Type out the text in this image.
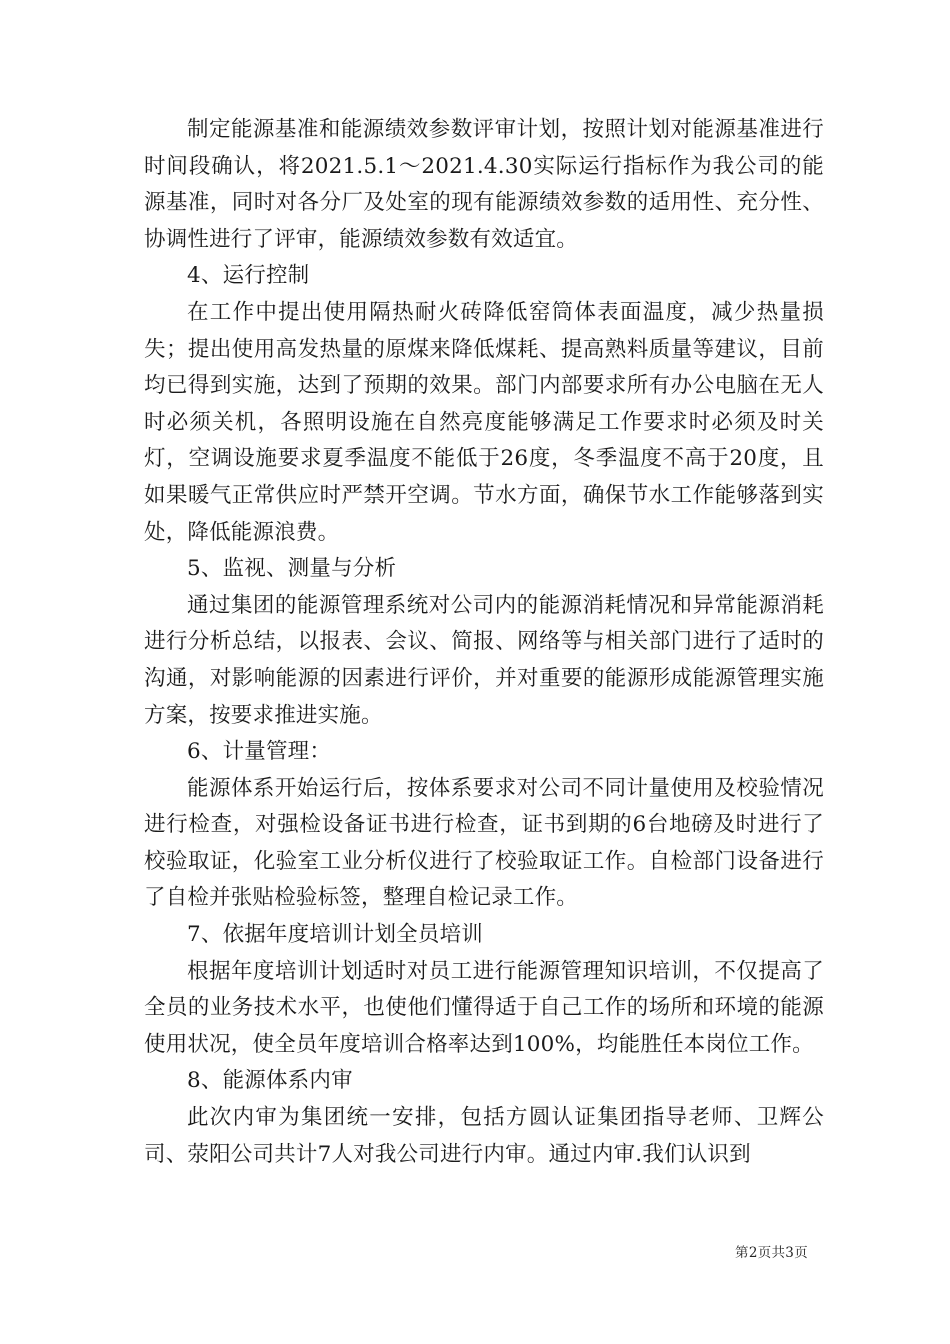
制定能源基准和能源绩效参数评审计划，按照计划对能源基准进行时间段确认，将2021.5.1～2021.4.30实际运行指标作为我公司的能源基准，同时对各分厂及处室的现有能源绩效参数的适用性、充分性、协调性进行了评审，能源绩效参数有效适宜。

4、运行控制

在工作中提出使用隔热耐火砖降低窑筒体表面温度，减少热量损失；提出使用高发热量的原煤来降低煤耗、提高熟料质量等建议，目前均已得到实施，达到了预期的效果。部门内部要求所有办公电脑在无人时必须关机，各照明设施在自然亮度能够满足工作要求时必须及时关灯，空调设施要求夏季温度不能低于26度，冬季温度不高于20度，且如果暖气正常供应时严禁开空调。节水方面，确保节水工作能够落到实处，降低能源浪费。

5、监视、测量与分析

通过集团的能源管理系统对公司内的能源消耗情况和异常能源消耗进行分析总结，以报表、会议、简报、网络等与相关部门进行了适时的沟通，对影响能源的因素进行评价，并对重要的能源形成能源管理实施方案，按要求推进实施。

6、计量管理：

能源体系开始运行后，按体系要求对公司不同计量使用及校验情况进行检查，对强检设备证书进行检查，证书到期的6台地磅及时进行了校验取证，化验室工业分析仪进行了校验取证工作。自检部门设备进行了自检并张贴检验标签，整理自检记录工作。

7、依据年度培训计划全员培训

根据年度培训计划适时对员工进行能源管理知识培训，不仅提高了全员的业务技术水平，也使他们懂得适于自己工作的场所和环境的能源使用状况，使全员年度培训合格率达到100%，均能胜任本岗位工作。

8、能源体系内审

此次内审为集团统一安排，包括方圆认证集团指导老师、卫辉公司、荥阳公司共计7人对我公司进行内审。通过内审.我们认识到

第2页共3页
